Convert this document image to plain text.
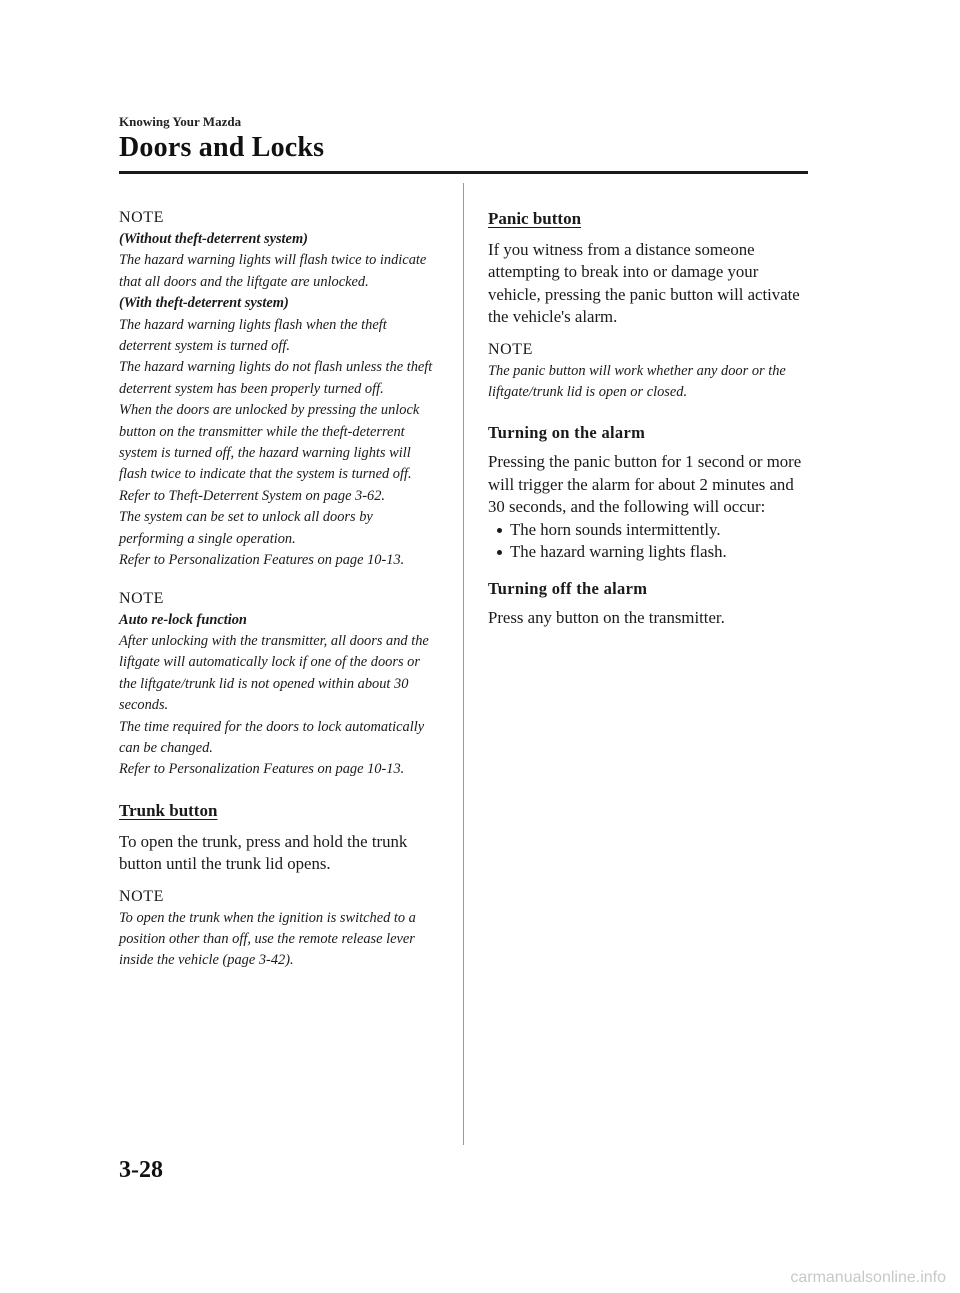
Knowing Your Mazda
Doors and Locks

NOTE

(Without theft-deterrent system)
The hazard warning lights will flash twice to indicate that all doors and the liftgate are unlocked.
(With theft-deterrent system)
The hazard warning lights flash when the theft deterrent system is turned off.
The hazard warning lights do not flash unless the theft deterrent system has been properly turned off.
When the doors are unlocked by pressing the unlock button on the transmitter while the theft-deterrent system is turned off, the hazard warning lights will flash twice to indicate that the system is turned off.
Refer to Theft-Deterrent System on page 3-62.
The system can be set to unlock all doors by performing a single operation.
Refer to Personalization Features on page 10-13.

NOTE

Auto re-lock function
After unlocking with the transmitter, all doors and the liftgate will automatically lock if one of the doors or the liftgate/trunk lid is not opened within about 30 seconds.
The time required for the doors to lock automatically can be changed.
Refer to Personalization Features on page 10-13.

Trunk button

To open the trunk, press and hold the trunk button until the trunk lid opens.

NOTE

To open the trunk when the ignition is switched to a position other than off, use the remote release lever inside the vehicle (page 3-42).

Panic button

If you witness from a distance someone attempting to break into or damage your vehicle, pressing the panic button will activate the vehicle's alarm.

NOTE

The panic button will work whether any door or the liftgate/trunk lid is open or closed.

Turning on the alarm

Pressing the panic button for 1 second or more will trigger the alarm for about 2 minutes and 30 seconds, and the following will occur:

The horn sounds intermittently.
The hazard warning lights flash.

Turning off the alarm

Press any button on the transmitter.

3-28
carmanualsonline.info
